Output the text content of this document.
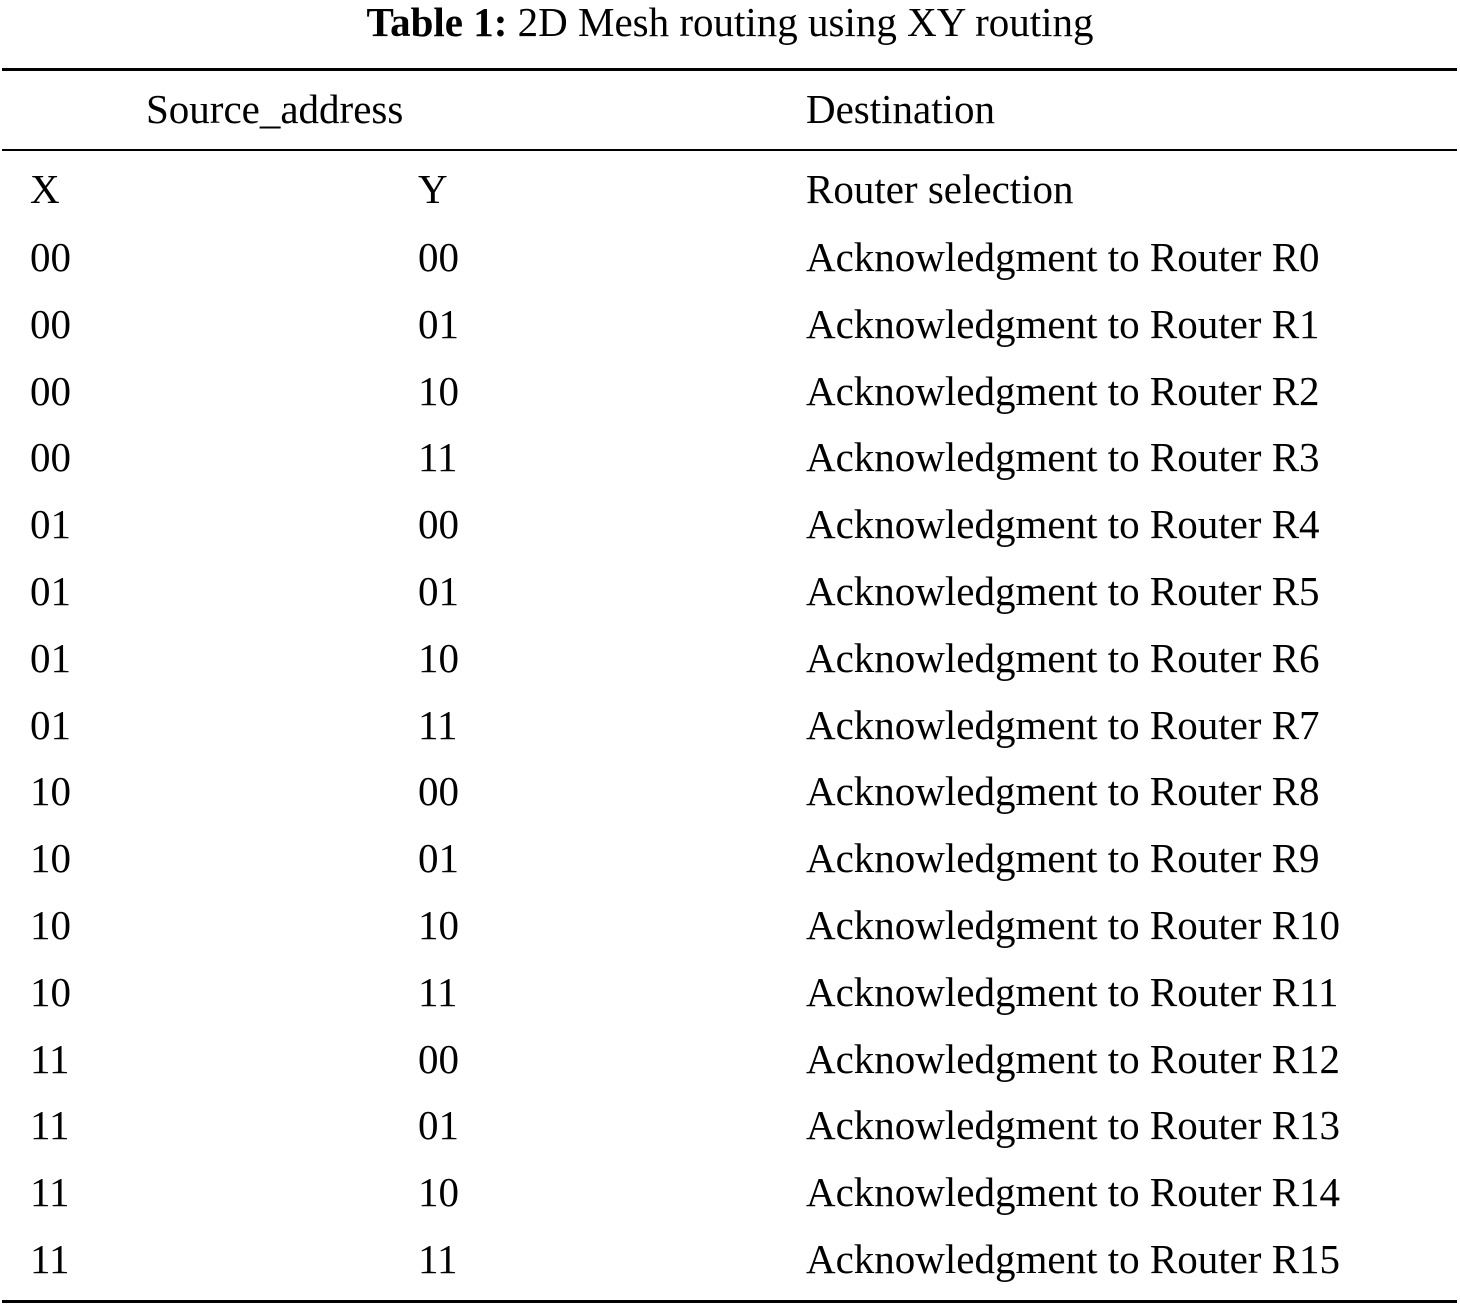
Table 1: 2D Mesh routing using XY routing
Source_address	Destination
X	Y	Router selection
00	00	Acknowledgment to Router R0
00	01	Acknowledgment to Router R1
00	10	Acknowledgment to Router R2
00	11	Acknowledgment to Router R3
01	00	Acknowledgment to Router R4
01	01	Acknowledgment to Router R5
01	10	Acknowledgment to Router R6
01	11	Acknowledgment to Router R7
10	00	Acknowledgment to Router R8
10	01	Acknowledgment to Router R9
10	10	Acknowledgment to Router R10
10	11	Acknowledgment to Router R11
11	00	Acknowledgment to Router R12
11	01	Acknowledgment to Router R13
11	10	Acknowledgment to Router R14
11	11	Acknowledgment to Router R15
